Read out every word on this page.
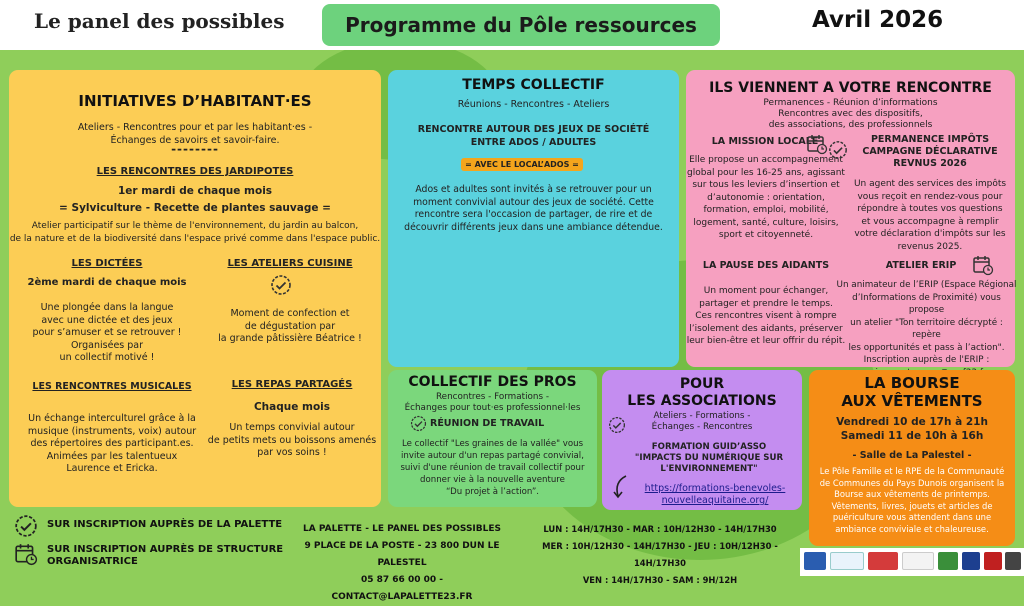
Le panel des possibles	Programme du Pôle ressources	Avril 2026
INITIATIVES D’HABITANT·ES
Ateliers - Rencontres pour et par les habitant·es -
Échanges de savoirs et savoir-faire.
--------
LES RENCONTRES DES JARDIPOTES
1er mardi de chaque mois
= Sylviculture - Recette de plantes sauvage =
Atelier participatif sur le thème de l'environnement, du jardin au balcon,
de la nature et de la biodiversité dans l'espace privé comme dans l'espace public.
LES DICTÉES
2ème mardi de chaque mois
Une plongée dans la langue
avec une dictée et des jeux
pour s’amuser et se retrouver !
Organisées par
un collectif motivé !
LES ATELIERS CUISINE
Moment de confection et
de dégustation par
la grande pâtissière Béatrice !
LES RENCONTRES MUSICALES
Un échange interculturel grâce à la
musique (instruments, voix) autour
des répertoires des participant.es.
Animées par les talentueux
Laurence et Ericka.
LES REPAS PARTAGÉS
Chaque mois
Un temps convivial autour
de petits mets ou boissons amenés
par vos soins !
TEMPS COLLECTIF
Réunions - Rencontres - Ateliers
RENCONTRE AUTOUR DES JEUX DE SOCIÉTÉ
ENTRE ADOS / ADULTES
= AVEC LE LOCAL’ADOS =
Ados et adultes sont invités à se retrouver pour un
moment convivial autour des jeux de société. Cette
rencontre sera l'occasion de partager, de rire et de
découvrir différents jeux dans une ambiance détendue.
ILS VIENNENT A VOTRE RENCONTRE
Permanences - Réunion d’informations
Rencontres avec des dispositifs,
des associations, des professionnels
LA MISSION LOCALE
Elle propose un accompagnement
global pour les 16-25 ans, agissant
sur tous les leviers d’insertion et
d’autonomie : orientation,
formation, emploi, mobilité,
logement, santé, culture, loisirs,
sport et citoyenneté.
PERMANENCE IMPÔTS
CAMPAGNE DÉCLARATIVE
REVNUS 2026
Un agent des services des impôts
vous reçoit en rendez-vous pour
répondre à toutes vos questions
et vous accompagne à remplir
votre déclaration d'impôts sur les
revenus 2025.
LA PAUSE DES AIDANTS
Un moment pour échanger,
partager et prendre le temps.
Ces rencontres visent à rompre
l’isolement des aidants, préserver
leur bien-être et leur offrir du répit.
ATELIER ERIP
Un animateur de l’ERIP (Espace Régional
d’Informations de Proximité) vous propose
un atelier "Ton territoire décrypté : repère
les opportunités et pass à l’action".
Inscription auprès de l'ERIP :
COLLECTIF DES PROS
Rencontres - Formations -
Échanges pour tout·es professionnel·les
RÉUNION DE TRAVAIL
Le collectif "Les graines de la vallée" vous
invite autour d'un repas partagé convivial,
suivi d'une réunion de travail collectif pour
donner vie à la nouvelle aventure
“Du projet à l’action”.
POUR
LES ASSOCIATIONS
Ateliers - Formations -
Échanges - Rencontres
FORMATION GUID’ASSO
"IMPACTS DU NUMÉRIQUE SUR
L'ENVIRONNEMENT"
https://formations-benevoles-
nouvelleaquitaine.org/
LA BOURSE
AUX VÊTEMENTS
Vendredi 10 de 17h à 21h
Samedi 11 de 10h à 16h
- Salle de La Palestel -
Le Pôle Famille et le RPE de la Communauté
de Communes du Pays Dunois organisent la
Bourse aux vêtements de printemps.
Vêtements, livres, jouets et articles de
puériculture vous attendent dans une
ambiance conviviale et chaleureuse.
SUR INSCRIPTION AUPRÈS DE LA PALETTE
SUR INSCRIPTION AUPRÈS DE STRUCTURE
ORGANISATRICE
LA PALETTE - LE PANEL DES POSSIBLES
9 PLACE DE LA POSTE - 23 800 DUN LE PALESTEL
05 87 66 00 00 - CONTACT@LAPALETTE23.FR
LUN : 14H/17H30 - MAR : 10H/12H30 - 14H/17H30
MER : 10H/12H30 - 14H/17H30 - JEU : 10H/12H30 - 14H/17H30
VEN : 14H/17H30 - SAM : 9H/12H
